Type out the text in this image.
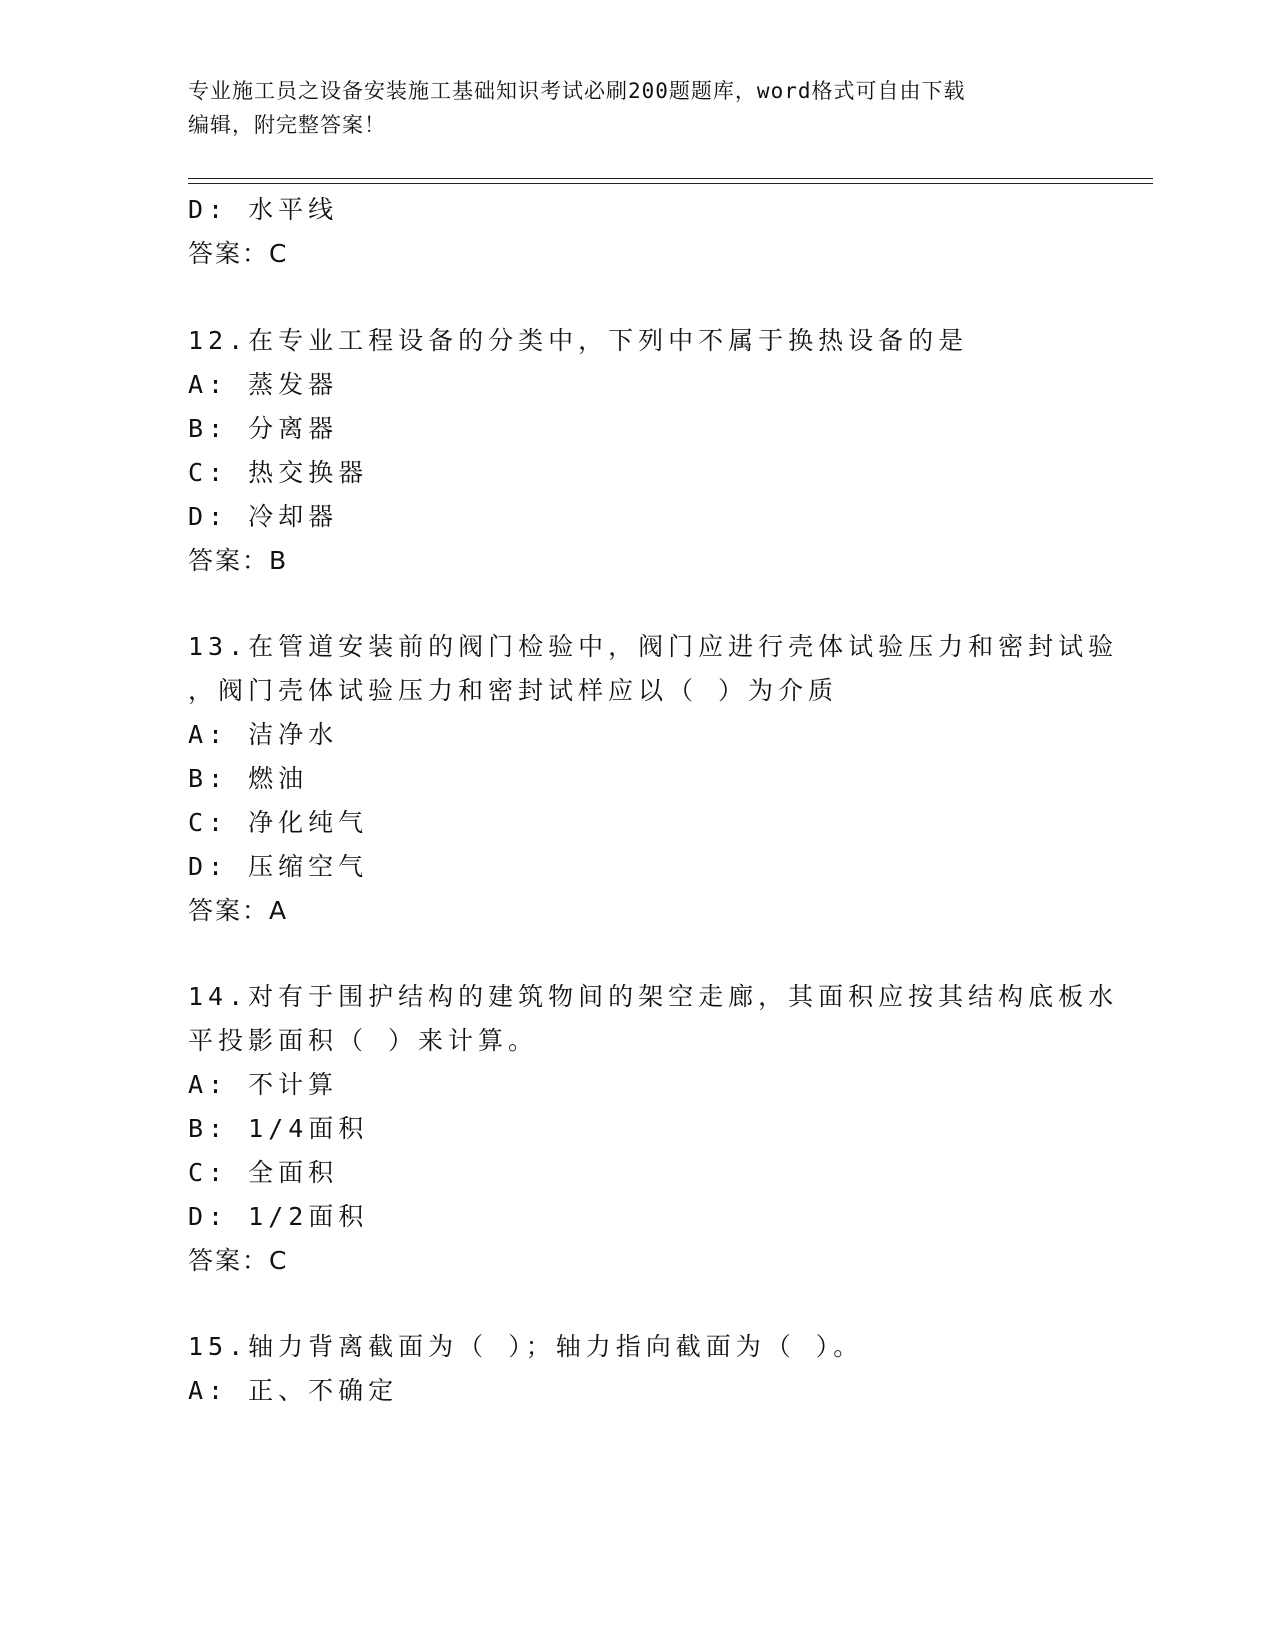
专业施工员之设备安装施工基础知识考试必刷200题题库，word格式可自由下载
编辑，附完整答案！
D: 水平线
答案：C
12.在专业工程设备的分类中，下列中不属于换热设备的是
A: 蒸发器
B: 分离器
C: 热交换器
D: 冷却器
答案：B
13.在管道安装前的阀门检验中，阀门应进行壳体试验压力和密封试验
，阀门壳体试验压力和密封试样应以（ ）为介质
A: 洁净水
B: 燃油
C: 净化纯气
D: 压缩空气
答案：A
14.对有于围护结构的建筑物间的架空走廊，其面积应按其结构底板水
平投影面积（ ）来计算。
A: 不计算
B: 1/4面积
C: 全面积
D: 1/2面积
答案：C
15.轴力背离截面为（ ）；轴力指向截面为（ ）。
A: 正、不确定
